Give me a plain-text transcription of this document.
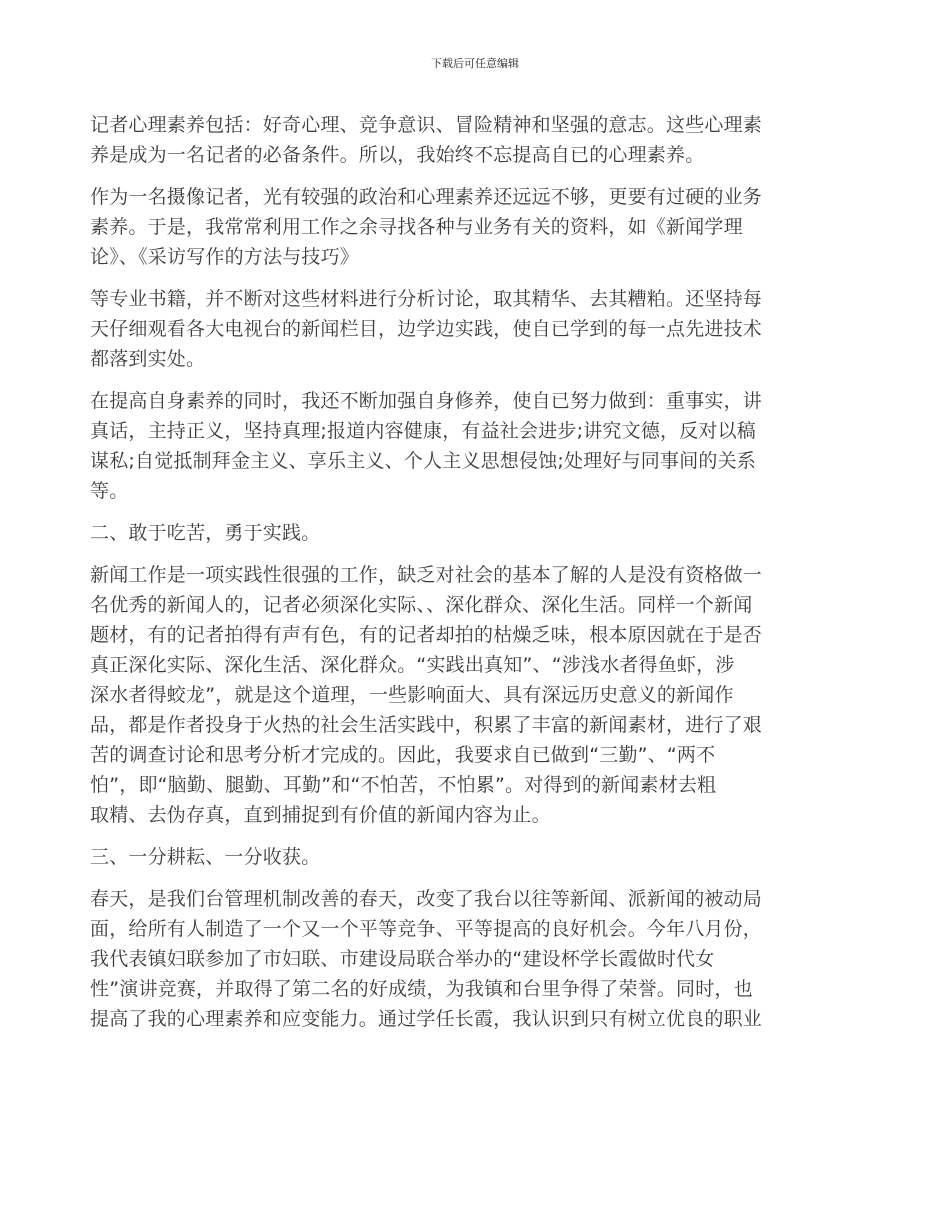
下载后可任意编辑

记者心理素养包括：好奇心理、竞争意识、冒险精神和坚强的意志。这些心理素
养是成为一名记者的必备条件。所以，我始终不忘提高自已的心理素养。

作为一名摄像记者，光有较强的政治和心理素养还远远不够，更要有过硬的业务
素养。于是，我常常利用工作之余寻找各种与业务有关的资料，如《新闻学理
论》、《采访写作的方法与技巧》

等专业书籍，并不断对这些材料进行分析讨论，取其精华、去其糟粕。还坚持每
天仔细观看各大电视台的新闻栏目，边学边实践，使自已学到的每一点先进技术
都落到实处。

在提高自身素养的同时，我还不断加强自身修养，使自已努力做到：重事实，讲
真话，主持正义，坚持真理;报道内容健康，有益社会进步;讲究文德，反对以稿
谋私;自觉抵制拜金主义、享乐主义、个人主义思想侵蚀;处理好与同事间的关系
等。

二、敢于吃苦，勇于实践。

新闻工作是一项实践性很强的工作，缺乏对社会的基本了解的人是没有资格做一
名优秀的新闻人的，记者必须深化实际、、深化群众、深化生活。同样一个新闻
题材，有的记者拍得有声有色，有的记者却拍的枯燥乏味，根本原因就在于是否
真正深化实际、深化生活、深化群众。“实践出真知”、“涉浅水者得鱼虾，涉
深水者得蛟龙”，就是这个道理，一些影响面大、具有深远历史意义的新闻作
品，都是作者投身于火热的社会生活实践中，积累了丰富的新闻素材，进行了艰
苦的调查讨论和思考分析才完成的。因此，我要求自已做到“三勤”、“两不
怕”，即“脑勤、腿勤、耳勤”和“不怕苦，不怕累”。对得到的新闻素材去粗
取精、去伪存真，直到捕捉到有价值的新闻内容为止。

三、一分耕耘、一分收获。

春天，是我们台管理机制改善的春天，改变了我台以往等新闻、派新闻的被动局
面，给所有人制造了一个又一个平等竞争、平等提高的良好机会。今年八月份，
我代表镇妇联参加了市妇联、市建设局联合举办的“建设杯学长霞做时代女
性”演讲竞赛，并取得了第二名的好成绩，为我镇和台里争得了荣誉。同时，也
提高了我的心理素养和应变能力。通过学任长霞，我认识到只有树立优良的职业
